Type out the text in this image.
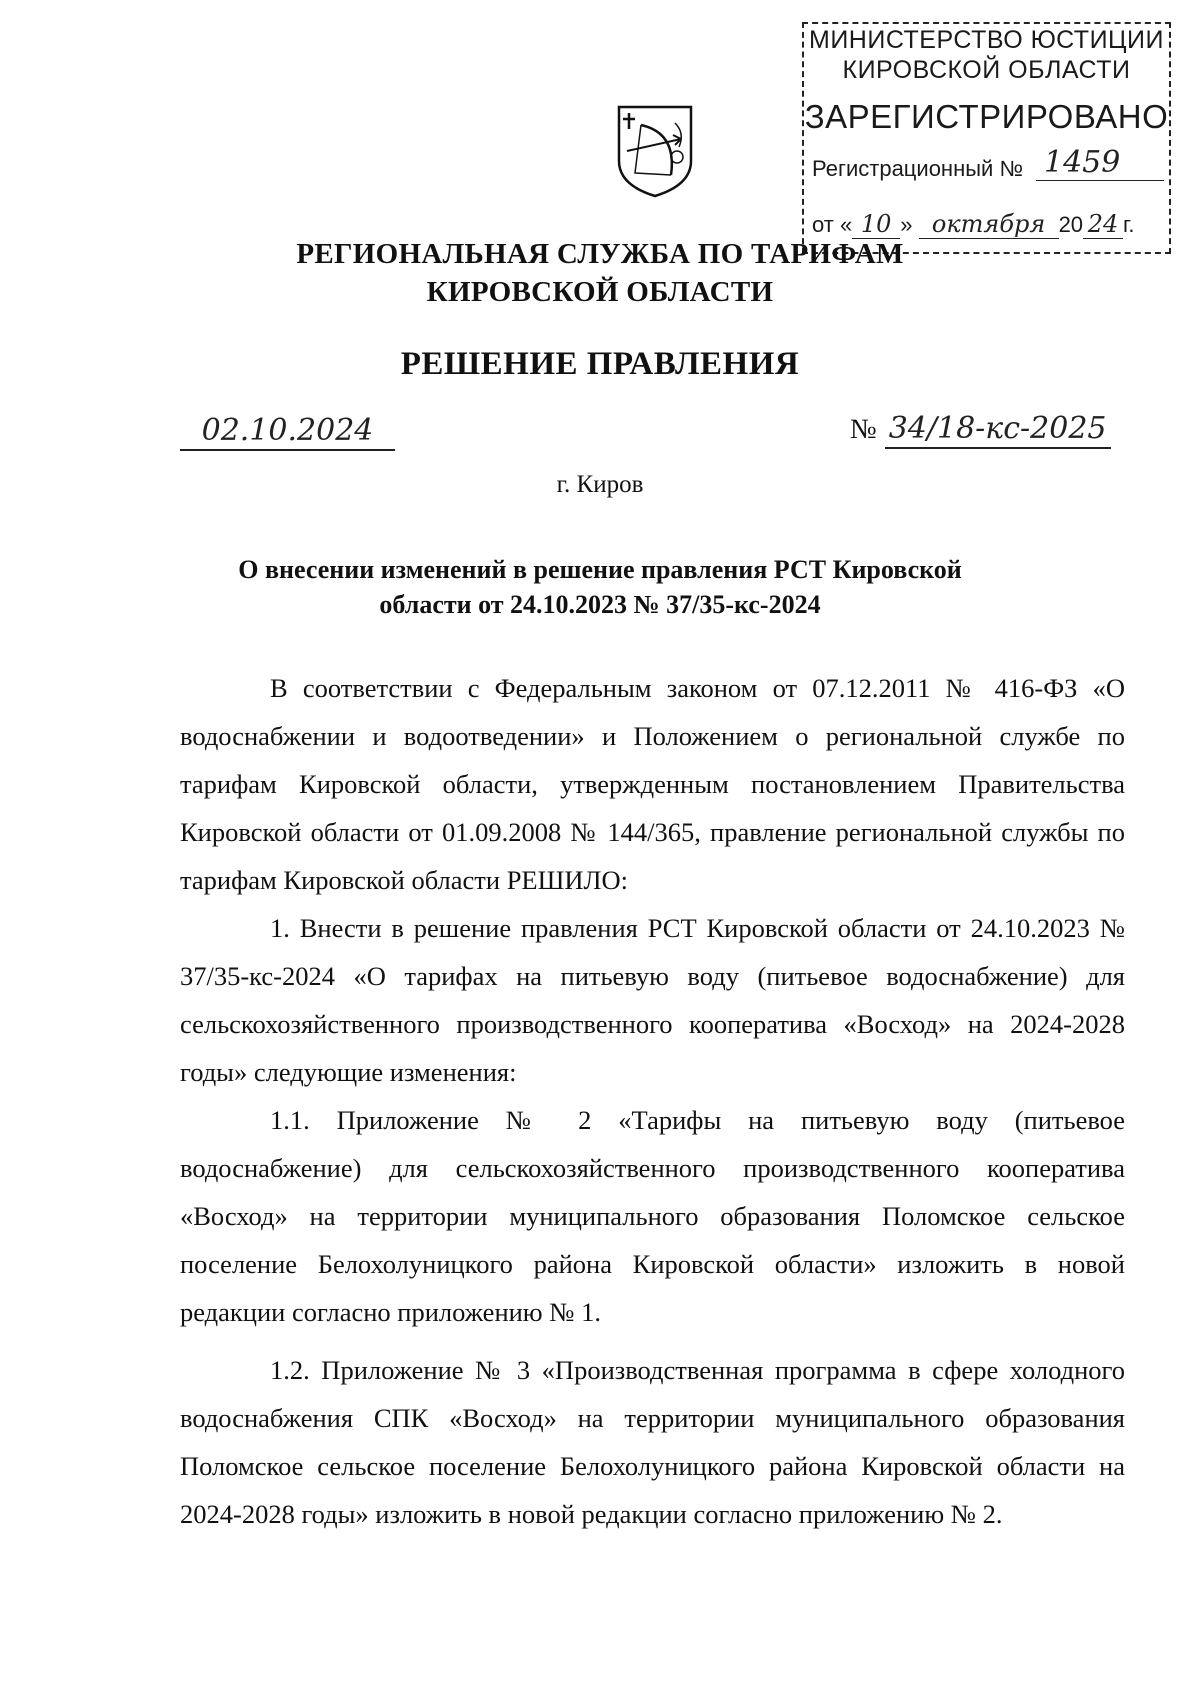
МИНИСТЕРСТВО ЮСТИЦИИ
КИРОВСКОЙ ОБЛАСТИ
ЗАРЕГИСТРИРОВАНО
Регистрационный № 1459
от « 10 » октября 20 24 г.
РЕГИОНАЛЬНАЯ СЛУЖБА ПО ТАРИФАМ
КИРОВСКОЙ ОБЛАСТИ
РЕШЕНИЕ ПРАВЛЕНИЯ
02.10.2024	№ 34/18-кс-2025
г. Киров
О внесении изменений в решение правления РСТ Кировской
области от 24.10.2023 № 37/35-кс-2024

В соответствии с Федеральным законом от 07.12.2011 № 416-ФЗ «О водоснабжении и водоотведении» и Положением о региональной службе по тарифам Кировской области, утвержденным постановлением Правительства Кировской области от 01.09.2008 № 144/365, правление региональной службы по тарифам Кировской области РЕШИЛО:

1. Внести в решение правления РСТ Кировской области от 24.10.2023 № 37/35-кс-2024 «О тарифах на питьевую воду (питьевое водоснабжение) для сельскохозяйственного производственного кооператива «Восход» на 2024-2028 годы» следующие изменения:

1.1. Приложение № 2 «Тарифы на питьевую воду (питьевое водоснабжение) для сельскохозяйственного производственного кооператива «Восход» на территории муниципального образования Поломское сельское поселение Белохолуницкого района Кировской области» изложить в новой редакции согласно приложению № 1.

1.2. Приложение № 3 «Производственная программа в сфере холодного водоснабжения СПК «Восход» на территории муниципального образования Поломское сельское поселение Белохолуницкого района Кировской области на 2024-2028 годы» изложить в новой редакции согласно приложению № 2.
